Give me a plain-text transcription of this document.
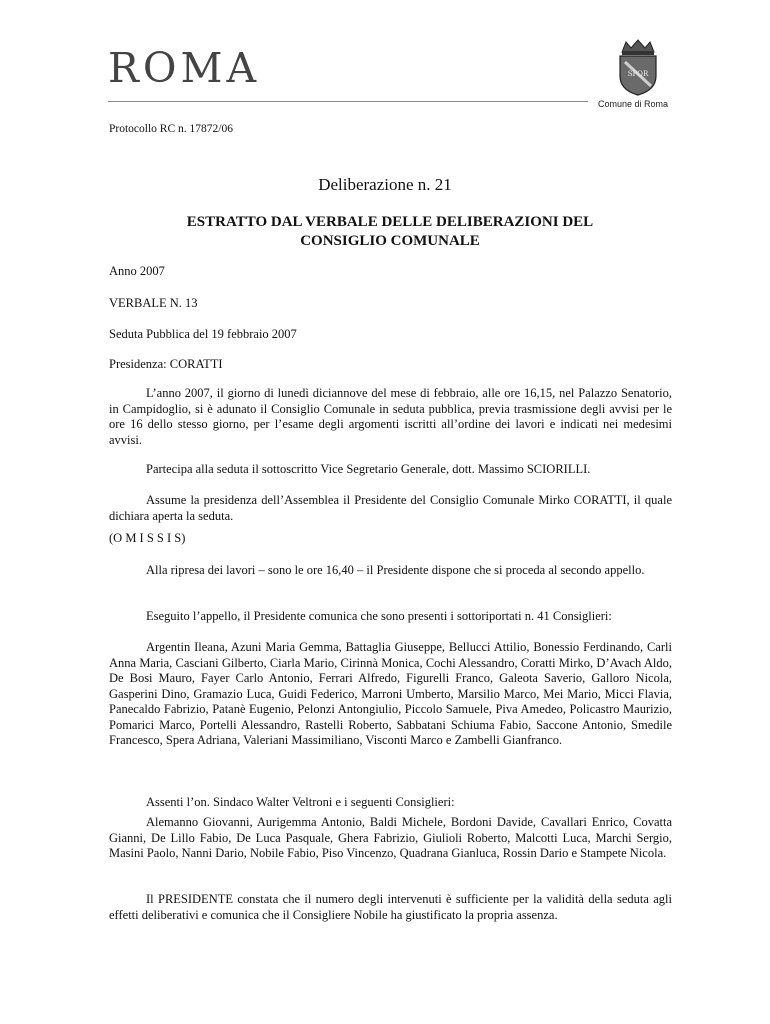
ROMA	SPQR
Comune di Roma
Protocollo RC n. 17872/06
Deliberazione n. 21
ESTRATTO DAL VERBALE DELLE DELIBERAZIONI DEL
CONSIGLIO COMUNALE
Anno 2007
VERBALE N. 13
Seduta Pubblica del 19 febbraio 2007
Presidenza: CORATTI
L’anno 2007, il giorno di lunedì diciannove del mese di febbraio, alle ore 16,15, nel Palazzo Senatorio, in Campidoglio, si è adunato il Consiglio Comunale in seduta pubblica, previa trasmissione degli avvisi per le ore 16 dello stesso giorno, per l’esame degli argomenti iscritti all’ordine dei lavori e indicati nei medesimi avvisi.
Partecipa alla seduta il sottoscritto Vice Segretario Generale, dott. Massimo SCIORILLI.
Assume la presidenza dell’Assemblea il Presidente del Consiglio Comunale Mirko CORATTI, il quale dichiara aperta la seduta.
(O M I S S I S)
Alla ripresa dei lavori – sono le ore 16,40 – il Presidente dispone che si proceda al secondo appello.
Eseguito l’appello, il Presidente comunica che sono presenti i sottoriportati n. 41 Consiglieri:
Argentin Ileana, Azuni Maria Gemma, Battaglia Giuseppe, Bellucci Attilio, Bonessio Ferdinando, Carli Anna Maria, Casciani Gilberto, Ciarla Mario, Cirinnà Monica, Cochi Alessandro, Coratti Mirko, D’Avach Aldo, De Bosi Mauro, Fayer Carlo Antonio, Ferrari Alfredo, Figurelli Franco, Galeota Saverio, Galloro Nicola, Gasperini Dino, Gramazio Luca, Guidi Federico, Marroni Umberto, Marsilio Marco, Mei Mario, Micci Flavia, Panecaldo Fabrizio, Patanè Eugenio, Pelonzi Antongiulio, Piccolo Samuele, Piva Amedeo, Policastro Maurizio, Pomarici Marco, Portelli Alessandro, Rastelli Roberto, Sabbatani Schiuma Fabio, Saccone Antonio, Smedile Francesco, Spera Adriana, Valeriani Massimiliano, Visconti Marco e Zambelli Gianfranco.
Assenti l’on. Sindaco Walter Veltroni e i seguenti Consiglieri:
Alemanno Giovanni, Aurigemma Antonio, Baldi Michele, Bordoni Davide, Cavallari Enrico, Covatta Gianni, De Lillo Fabio, De Luca Pasquale, Ghera Fabrizio, Giulioli Roberto, Malcotti Luca, Marchi Sergio, Masini Paolo, Nanni Dario, Nobile Fabio, Piso Vincenzo, Quadrana Gianluca, Rossin Dario e Stampete Nicola.
Il PRESIDENTE constata che il numero degli intervenuti è sufficiente per la validità della seduta agli effetti deliberativi e comunica che il Consigliere Nobile ha giustificato la propria assenza.
